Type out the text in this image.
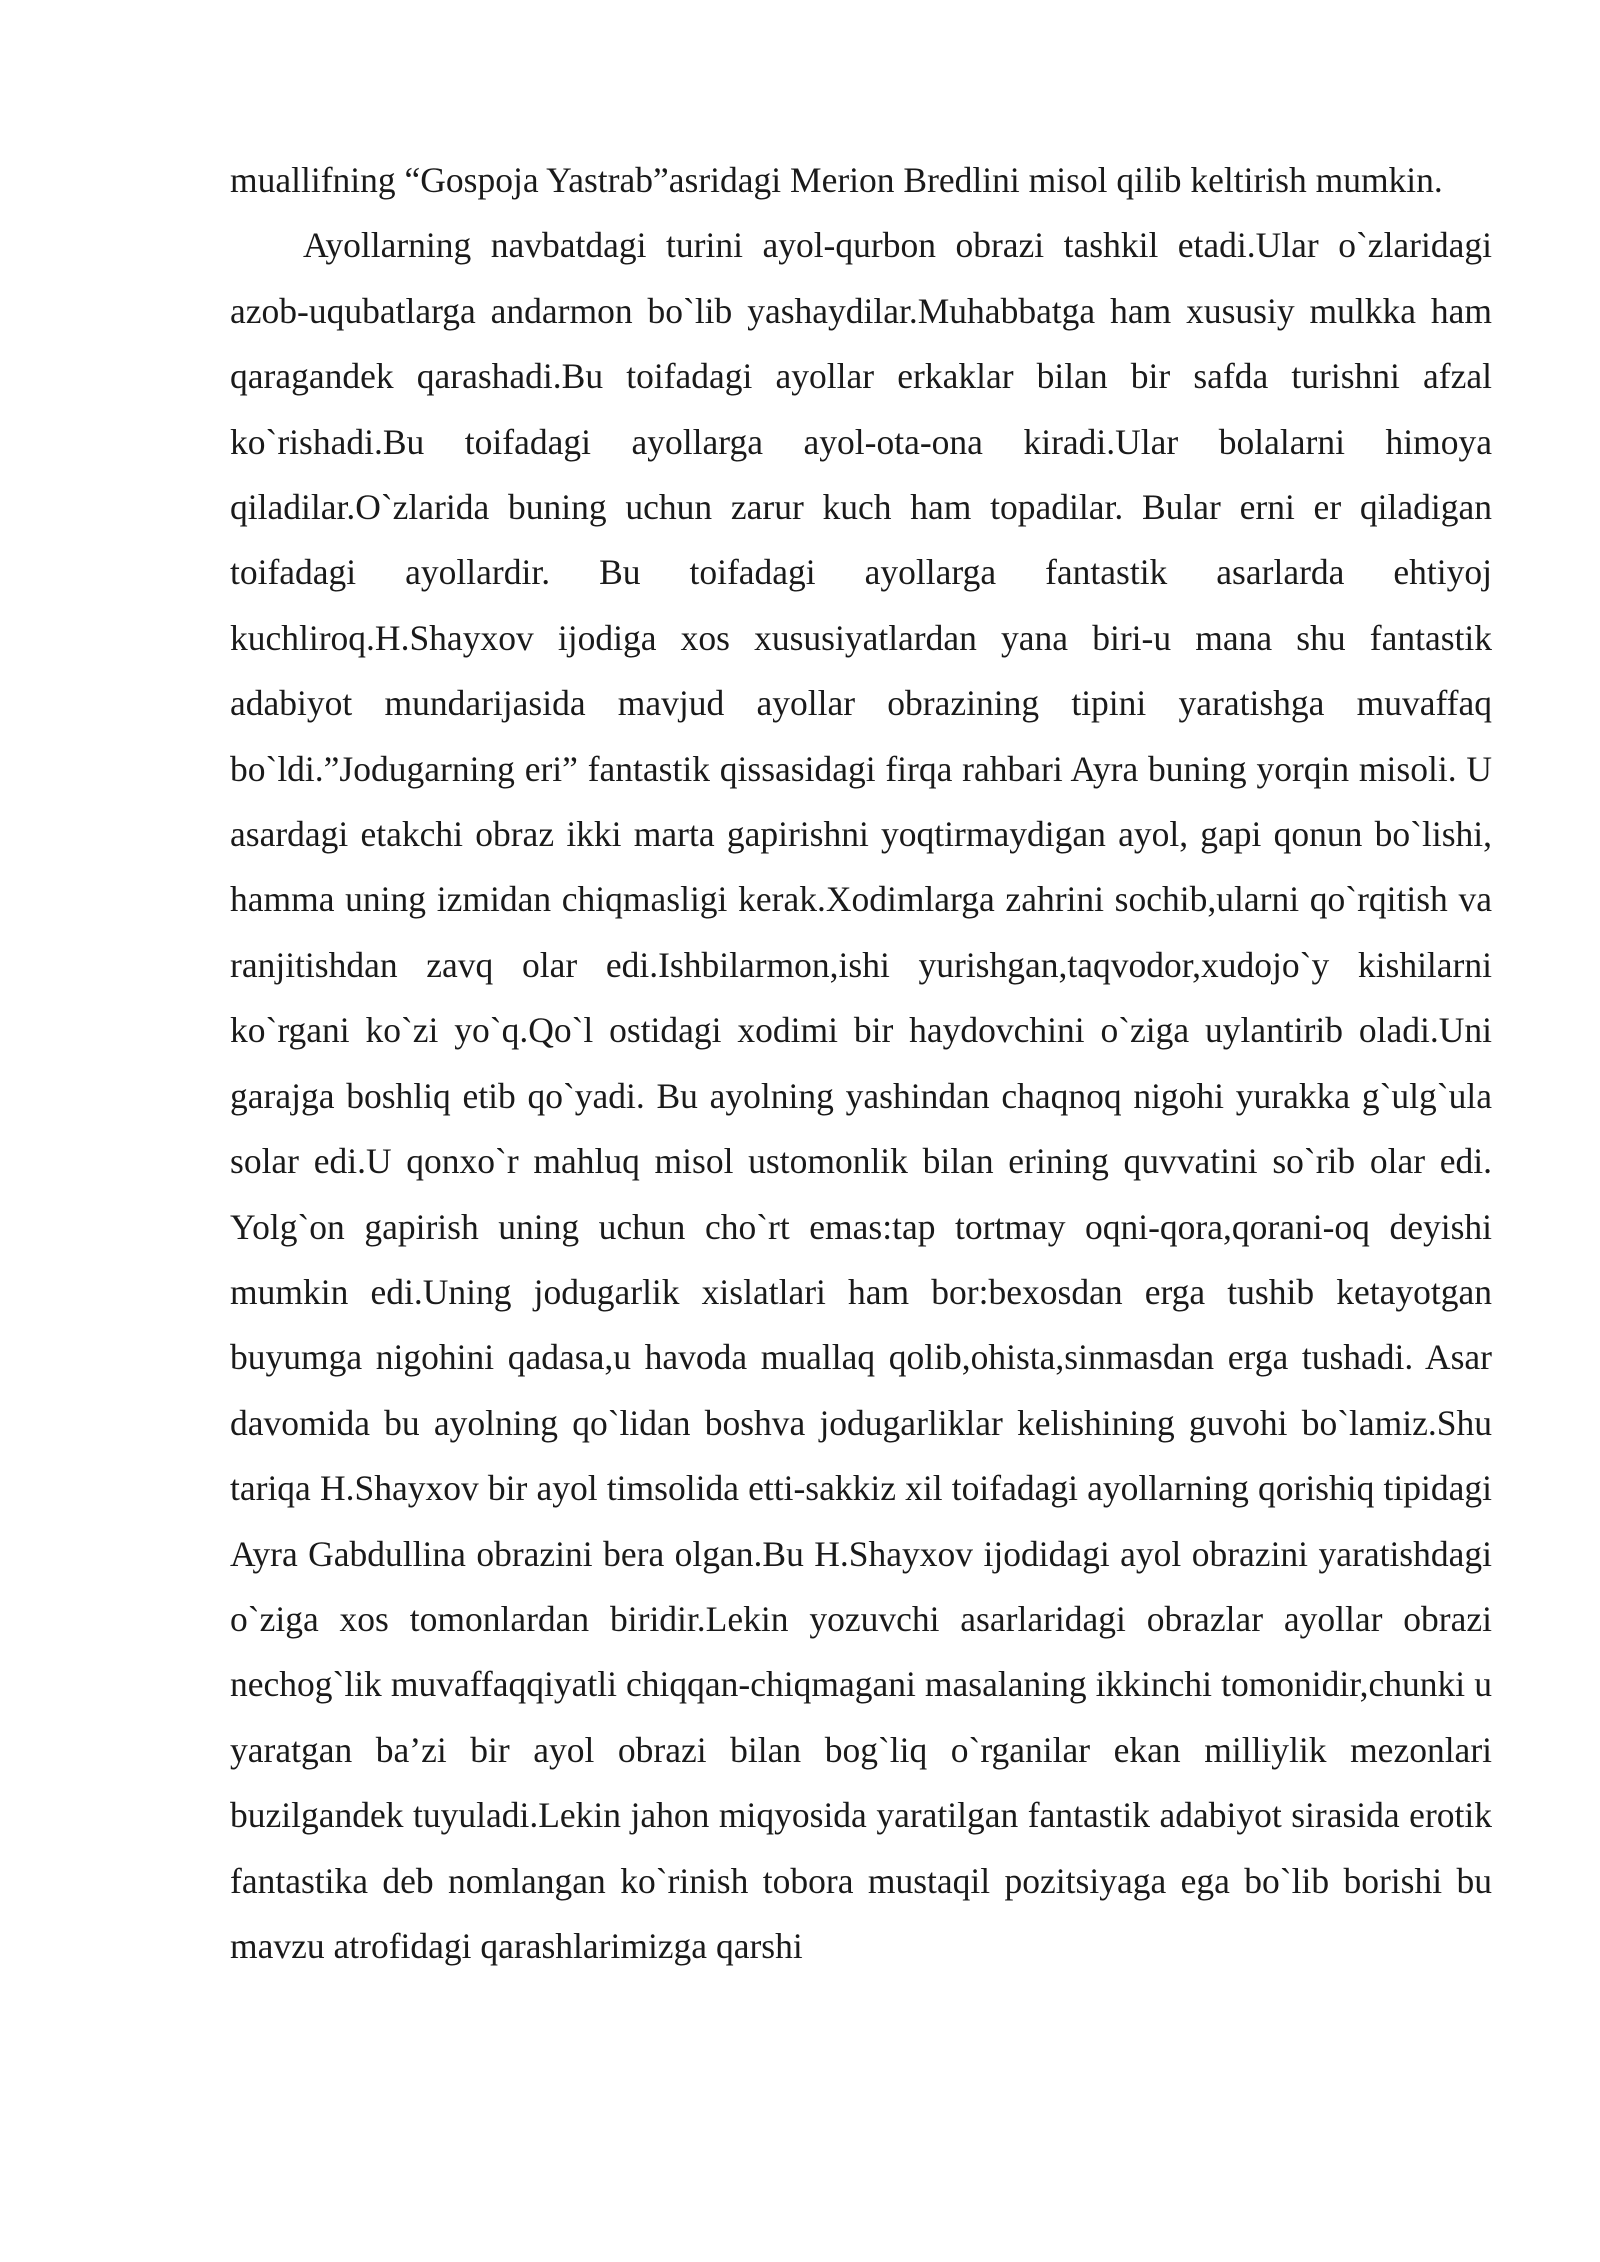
muallifning “Gospoja Yastrab”asridagi Merion Bredlini misol qilib keltirish mumkin.

Ayollarning navbatdagi turini ayol-qurbon obrazi tashkil etadi.Ular o`zlaridagi azob-uqubatlarga andarmon bo`lib yashaydilar.Muhabbatga ham xususiy mulkka ham qaragandek qarashadi.Bu toifadagi ayollar erkaklar bilan bir safda turishni afzal ko`rishadi.Bu toifadagi ayollarga ayol-ota-ona kiradi.Ular bolalarni himoya qiladilar.O`zlarida buning uchun zarur kuch ham topadilar. Bular erni er qiladigan toifadagi ayollardir. Bu toifadagi ayollarga fantastik asarlarda ehtiyoj kuchliroq.H.Shayxov ijodiga xos xususiyatlardan yana biri-u mana shu fantastik adabiyot mundarijasida mavjud ayollar obrazining tipini yaratishga muvaffaq bo`ldi.”Jodugarning eri” fantastik qissasidagi firqa rahbari Ayra buning yorqin misoli. U asardagi etakchi obraz ikki marta gapirishni yoqtirmaydigan ayol, gapi qonun bo`lishi, hamma uning izmidan chiqmasligi kerak.Xodimlarga zahrini sochib,ularni qo`rqitish va ranjitishdan zavq olar edi.Ishbilarmon,ishi yurishgan,taqvodor,xudojo`y kishilarni ko`rgani ko`zi yo`q.Qo`l ostidagi xodimi bir haydovchini o`ziga uylantirib oladi.Uni garajga boshliq etib qo`yadi. Bu ayolning yashindan chaqnoq nigohi yurakka g`ulg`ula solar edi.U qonxo`r mahluq misol ustomonlik bilan erining quvvatini so`rib olar edi. Yolg`on gapirish uning uchun cho`rt emas:tap tortmay oqni-qora,qorani-oq deyishi mumkin edi.Uning jodugarlik xislatlari ham bor:bexosdan erga tushib ketayotgan buyumga nigohini qadasa,u havoda muallaq qolib,ohista,sinmasdan erga tushadi. Asar davomida bu ayolning qo`lidan boshva jodugarliklar kelishining guvohi bo`lamiz.Shu tariqa H.Shayxov bir ayol timsolida etti-sakkiz xil toifadagi ayollarning qorishiq tipidagi Ayra Gabdullina obrazini bera olgan.Bu H.Shayxov ijodidagi ayol obrazini yaratishdagi o`ziga xos tomonlardan biridir.Lekin yozuvchi asarlaridagi obrazlar ayollar obrazi nechog`lik muvaffaqqiyatli chiqqan-chiqmagani masalaning ikkinchi tomonidir,chunki u yaratgan ba’zi bir ayol obrazi bilan bog`liq o`rganilar ekan milliylik mezonlari buzilgandek tuyuladi.Lekin jahon miqyosida yaratilgan fantastik adabiyot sirasida erotik fantastika deb nomlangan ko`rinish tobora mustaqil pozitsiyaga ega bo`lib borishi bu mavzu atrofidagi qarashlarimizga qarshi
